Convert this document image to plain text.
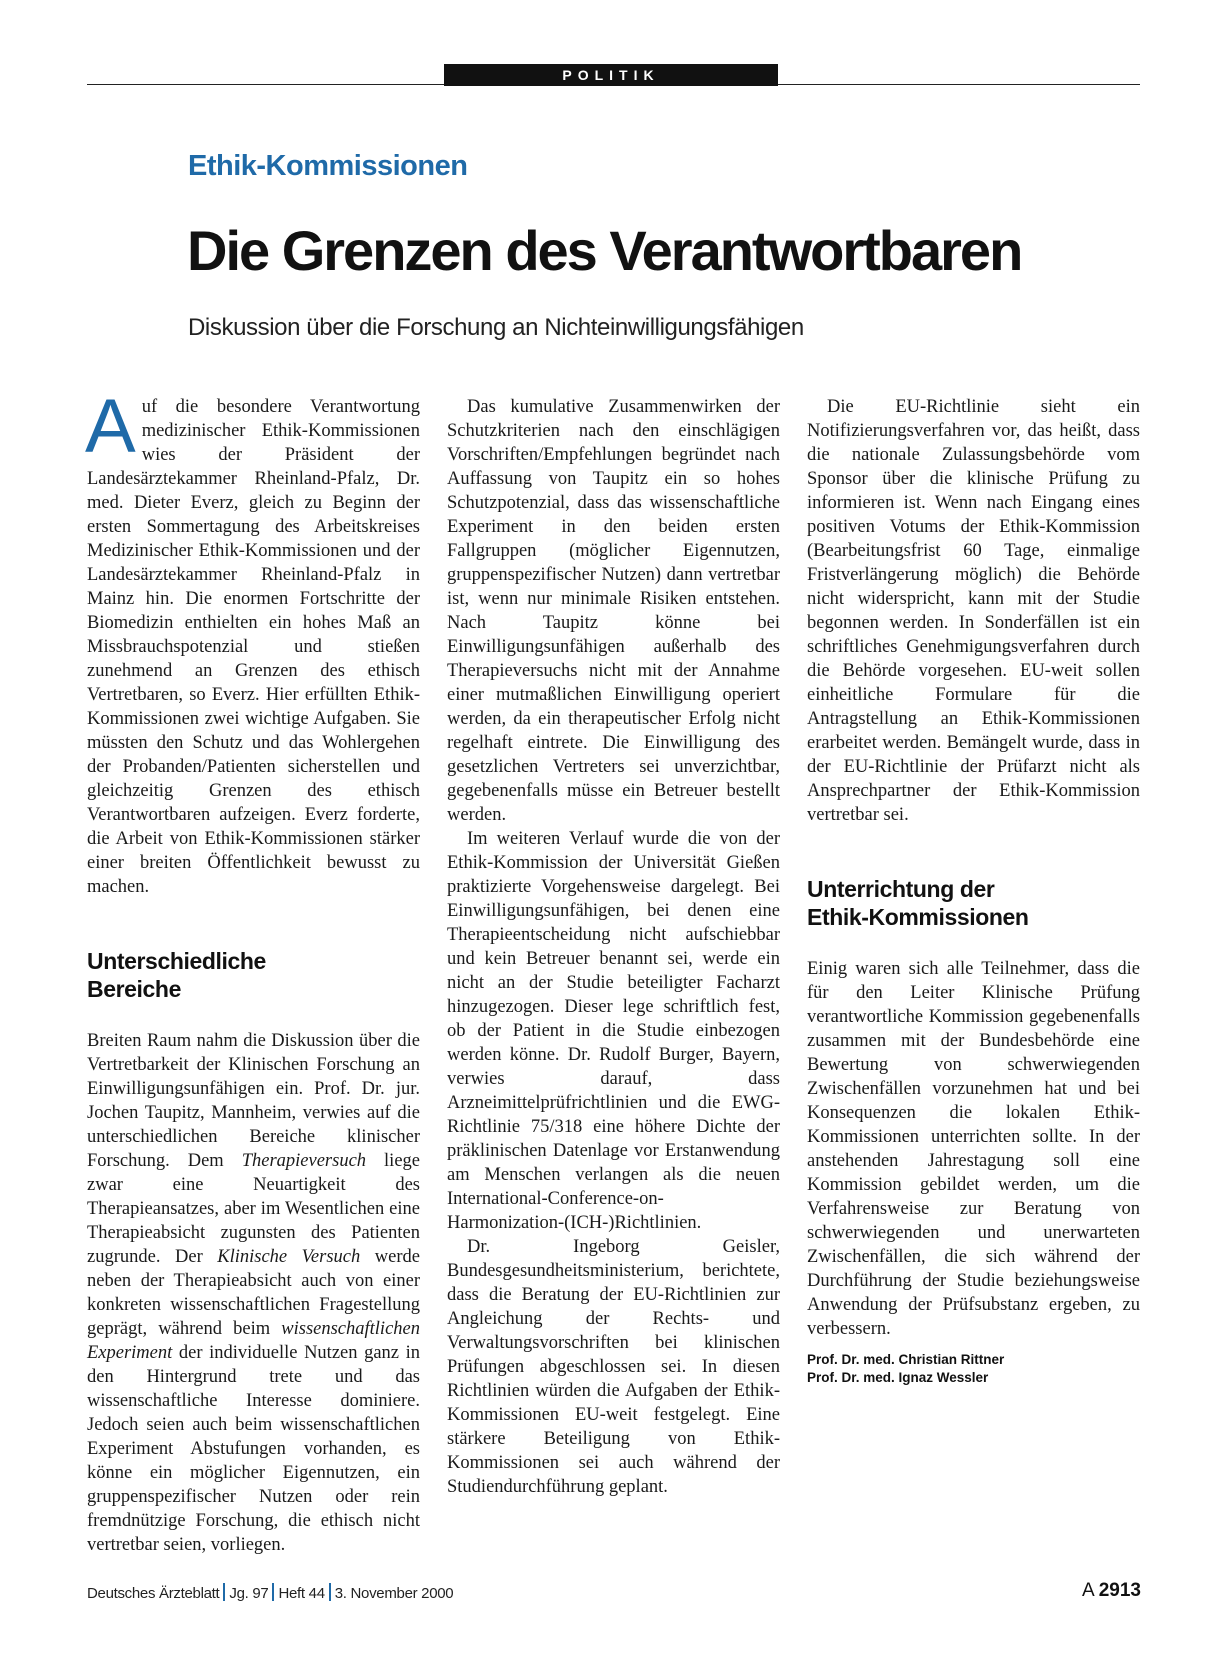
POLITIK
Ethik-Kommissionen
Die Grenzen des Verantwortbaren
Diskussion über die Forschung an Nichteinwilligungsfähigen

Auf die besondere Verantwortung medizinischer Ethik-Kommissionen wies der Präsident der Landesärztekammer Rheinland-Pfalz, Dr. med. Dieter Everz, gleich zu Beginn der ersten Sommertagung des Arbeitskreises Medizinischer Ethik-Kommissionen und der Landesärztekammer Rheinland-Pfalz in Mainz hin. Die enormen Fortschritte der Biomedizin enthielten ein hohes Maß an Missbrauchspotenzial und stießen zunehmend an Grenzen des ethisch Vertretbaren, so Everz. Hier erfüllten Ethik-Kommissionen zwei wichtige Aufgaben. Sie müssten den Schutz und das Wohlergehen der Probanden/Patienten sicherstellen und gleichzeitig Grenzen des ethisch Verantwortbaren aufzeigen. Everz forderte, die Arbeit von Ethik-Kommissionen stärker einer breiten Öffentlichkeit bewusst zu machen.

Unterschiedliche
Bereiche

Breiten Raum nahm die Diskussion über die Vertretbarkeit der Klinischen Forschung an Einwilligungsunfähigen ein. Prof. Dr. jur. Jochen Taupitz, Mannheim, verwies auf die unterschiedlichen Bereiche klinischer Forschung. Dem Therapieversuch liege zwar eine Neuartigkeit des Therapieansatzes, aber im Wesentlichen eine Therapieabsicht zugunsten des Patienten zugrunde. Der Klinische Versuch werde neben der Therapieabsicht auch von einer konkreten wissenschaftlichen Fragestellung geprägt, während beim wissenschaftlichen Experiment der individuelle Nutzen ganz in den Hintergrund trete und das wissenschaftliche Interesse dominiere. Jedoch seien auch beim wissenschaftlichen Experiment Abstufungen vorhanden, es könne ein möglicher Eigennutzen, ein gruppenspezifischer Nutzen oder rein fremdnützige Forschung, die ethisch nicht vertretbar seien, vorliegen.

Das kumulative Zusammenwirken der Schutzkriterien nach den einschlägigen Vorschriften/Empfehlungen begründet nach Auffassung von Taupitz ein so hohes Schutzpotenzial, dass das wissenschaftliche Experiment in den beiden ersten Fallgruppen (möglicher Eigennutzen, gruppenspezifischer Nutzen) dann vertretbar ist, wenn nur minimale Risiken entstehen. Nach Taupitz könne bei Einwilligungsunfähigen außerhalb des Therapieversuchs nicht mit der Annahme einer mutmaßlichen Einwilligung operiert werden, da ein therapeutischer Erfolg nicht regelhaft eintrete. Die Einwilligung des gesetzlichen Vertreters sei unverzichtbar, gegebenenfalls müsse ein Betreuer bestellt werden.

Im weiteren Verlauf wurde die von der Ethik-Kommission der Universität Gießen praktizierte Vorgehensweise dargelegt. Bei Einwilligungsunfähigen, bei denen eine Therapieentscheidung nicht aufschiebbar und kein Betreuer benannt sei, werde ein nicht an der Studie beteiligter Facharzt hinzugezogen. Dieser lege schriftlich fest, ob der Patient in die Studie einbezogen werden könne. Dr. Rudolf Burger, Bayern, verwies darauf, dass Arzneimittelprüfrichtlinien und die EWG-Richtlinie 75/318 eine höhere Dichte der präklinischen Datenlage vor Erstanwendung am Menschen verlangen als die neuen International-Conference-on-Harmonization-(ICH-)Richtlinien.

Dr. Ingeborg Geisler, Bundesgesundheitsministerium, berichtete, dass die Beratung der EU-Richtlinien zur Angleichung der Rechts- und Verwaltungsvorschriften bei klinischen Prüfungen abgeschlossen sei. In diesen Richtlinien würden die Aufgaben der Ethik-Kommissionen EU-weit festgelegt. Eine stärkere Beteiligung von Ethik-Kommissionen sei auch während der Studiendurchführung geplant.

Die EU-Richtlinie sieht ein Notifizierungsverfahren vor, das heißt, dass die nationale Zulassungsbehörde vom Sponsor über die klinische Prüfung zu informieren ist. Wenn nach Eingang eines positiven Votums der Ethik-Kommission (Bearbeitungsfrist 60 Tage, einmalige Fristverlängerung möglich) die Behörde nicht widerspricht, kann mit der Studie begonnen werden. In Sonderfällen ist ein schriftliches Genehmigungsverfahren durch die Behörde vorgesehen. EU-weit sollen einheitliche Formulare für die Antragstellung an Ethik-Kommissionen erarbeitet werden. Bemängelt wurde, dass in der EU-Richtlinie der Prüfarzt nicht als Ansprechpartner der Ethik-Kommission vertretbar sei.

Unterrichtung der
Ethik-Kommissionen

Einig waren sich alle Teilnehmer, dass die für den Leiter Klinische Prüfung verantwortliche Kommission gegebenenfalls zusammen mit der Bundesbehörde eine Bewertung von schwerwiegenden Zwischenfällen vorzunehmen hat und bei Konsequenzen die lokalen Ethik-Kommissionen unterrichten sollte. In der anstehenden Jahrestagung soll eine Kommission gebildet werden, um die Verfahrensweise zur Beratung von schwerwiegenden und unerwarteten Zwischenfällen, die sich während der Durchführung der Studie beziehungsweise Anwendung der Prüfsubstanz ergeben, zu verbessern.

Prof. Dr. med. Christian Rittner
Prof. Dr. med. Ignaz Wessler
Deutsches Ärzteblatt Jg. 97 Heft 44 3. November 2000	A 2913
